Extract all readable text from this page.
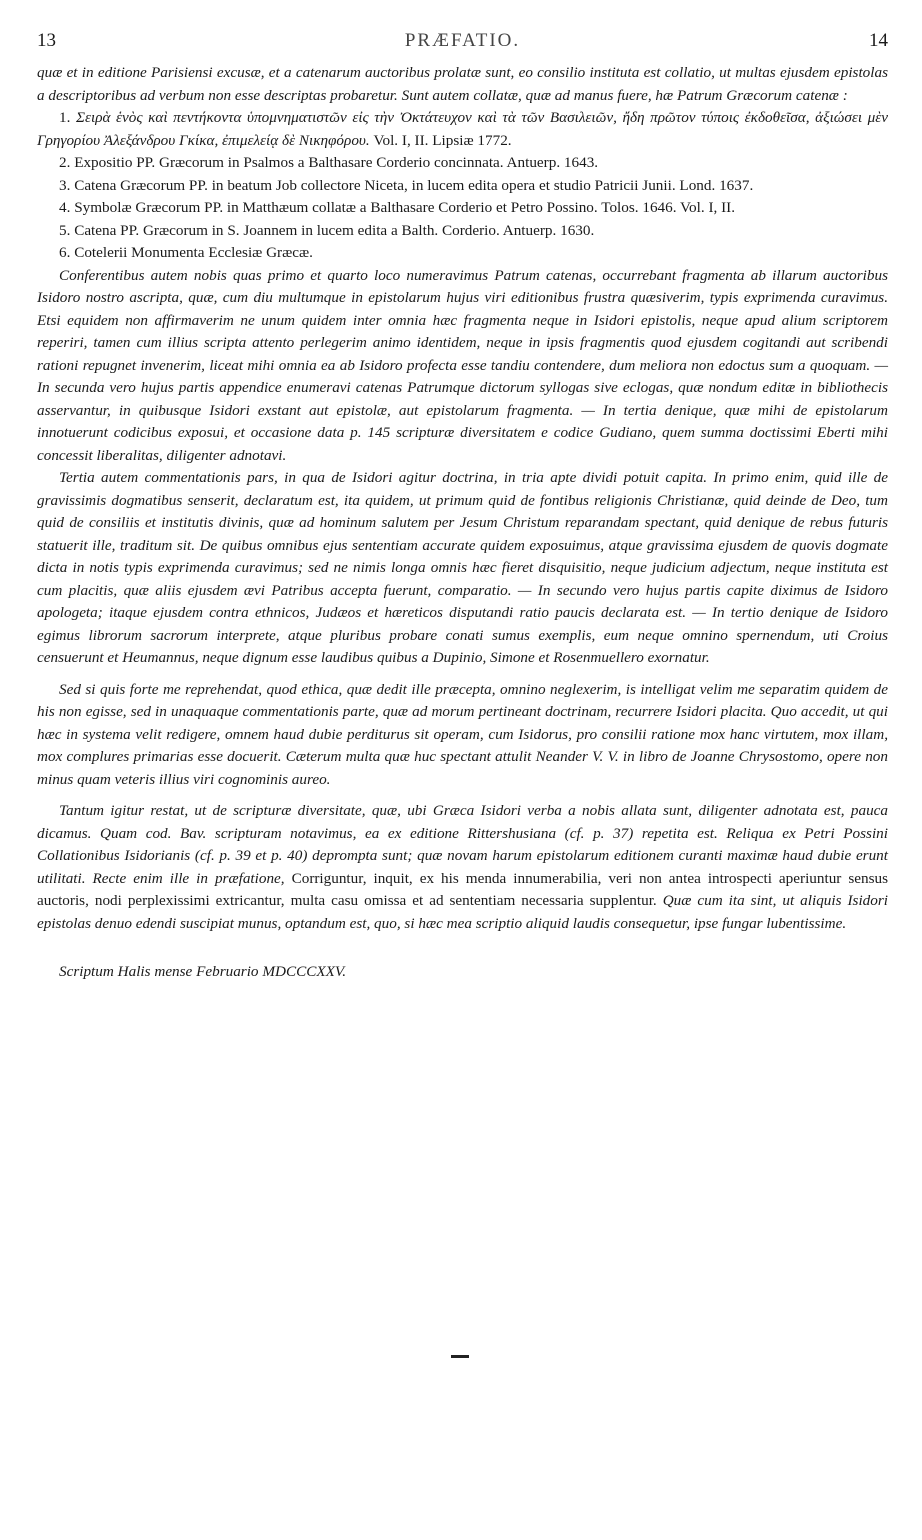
13	PRÆFATIO.	14

quæ et in editione Parisiensi excusæ, et a catenarum auctoribus prolatæ sunt, eo consilio instituta est collatio, ut multas ejusdem epistolas a descriptoribus ad verbum non esse descriptas probaretur. Sunt autem collatæ, quæ ad manus fuere, hæ Patrum Græcorum catenæ :

1. Σειρὰ ἑνὸς καὶ πεντήκοντα ὑπομνηματιστῶν εἰς τὴν Ὀκτάτευχον καὶ τὰ τῶν Βασιλειῶν, ἤδη πρῶτον τύποις ἐκδοθεῖσα, ἀξιώσει μὲν Γρηγορίου Ἀλεξάνδρου Γκίκα, ἐπιμελείᾳ δὲ Νικηφόρου. Vol. I, II. Lipsiæ 1772.

2. Expositio PP. Græcorum in Psalmos a Balthasare Corderio concinnata. Antuerp. 1643.

3. Catena Græcorum PP. in beatum Job collectore Niceta, in lucem edita opera et studio Patricii Junii. Lond. 1637.

4. Symbolæ Græcorum PP. in Matthæum collatæ a Balthasare Corderio et Petro Possino. Tolos. 1646. Vol. I, II.

5. Catena PP. Græcorum in S. Joannem in lucem edita a Balth. Corderio. Antuerp. 1630.

6. Cotelerii Monumenta Ecclesiæ Græcæ.

Conferentibus autem nobis quas primo et quarto loco numeravimus Patrum catenas, occurrebant fragmenta ab illarum auctoribus Isidoro nostro ascripta, quæ, cum diu multumque in epistolarum hujus viri editionibus frustra quæsiverim, typis exprimenda curavimus. Etsi equidem non affirmaverim ne unum quidem inter omnia hæc fragmenta neque in Isidori epistolis, neque apud alium scriptorem reperiri, tamen cum illius scripta attento perlegerim animo identidem, neque in ipsis fragmentis quod ejusdem cogitandi aut scribendi rationi repugnet invenerim, liceat mihi omnia ea ab Isidoro profecta esse tandiu contendere, dum meliora non edoctus sum a quoquam. — In secunda vero hujus partis appendice enumeravi catenas Patrumque dictorum syllogas sive eclogas, quæ nondum editæ in bibliothecis asservantur, in quibusque Isidori exstant aut epistolæ, aut epistolarum fragmenta. — In tertia denique, quæ mihi de epistolarum innotuerunt codicibus exposui, et occasione data p. 145 scripturæ diversitatem e codice Gudiano, quem summa doctissimi Eberti mihi concessit liberalitas, diligenter adnotavi.

Tertia autem commentationis pars, in qua de Isidori agitur doctrina, in tria apte dividi potuit capita. In primo enim, quid ille de gravissimis dogmatibus senserit, declaratum est, ita quidem, ut primum quid de fontibus religionis Christianæ, quid deinde de Deo, tum quid de consiliis et institutis divinis, quæ ad hominum salutem per Jesum Christum reparandam spectant, quid denique de rebus futuris statuerit ille, traditum sit. De quibus omnibus ejus sententiam accurate quidem exposuimus, atque gravissima ejusdem de quovis dogmate dicta in notis typis exprimenda curavimus; sed ne nimis longa omnis hæc fieret disquisitio, neque judicium adjectum, neque instituta est cum placitis, quæ aliis ejusdem ævi Patribus accepta fuerunt, comparatio. — In secundo vero hujus partis capite diximus de Isidoro apologeta; itaque ejusdem contra ethnicos, Judæos et hæreticos disputandi ratio paucis declarata est. — In tertio denique de Isidoro egimus librorum sacrorum interprete, atque pluribus probare conati sumus exemplis, eum neque omnino spernendum, uti Croius censuerunt et Heumannus, neque dignum esse laudibus quibus a Dupinio, Simone et Rosenmuellero exornatur.

Sed si quis forte me reprehendat, quod ethica, quæ dedit ille præcepta, omnino neglexerim, is intelligat velim me separatim quidem de his non egisse, sed in unaquaque commentationis parte, quæ ad morum pertineant doctrinam, recurrere Isidori placita. Quo accedit, ut qui hæc in systema velit redigere, omnem haud dubie perditurus sit operam, cum Isidorus, pro consilii ratione mox hanc virtutem, mox illam, mox complures primarias esse docuerit. Cæterum multa quæ huc spectant attulit Neander V. V. in libro de Joanne Chrysostomo, opere non minus quam veteris illius viri cognominis aureo.

Tantum igitur restat, ut de scripturæ diversitate, quæ, ubi Græca Isidori verba a nobis allata sunt, diligenter adnotata est, pauca dicamus. Quam cod. Bav. scripturam notavimus, ea ex editione Rittershusiana (cf. p. 37) repetita est. Reliqua ex Petri Possini Collationibus Isidorianis (cf. p. 39 et p. 40) deprompta sunt; quæ novam harum epistolarum editionem curanti maximæ haud dubie erunt utilitati. Recte enim ille in præfatione, Corriguntur, inquit, ex his menda innumerabilia, veri non antea introspecti aperiuntur sensus auctoris, nodi perplexissimi extricantur, multa casu omissa et ad sententiam necessaria supplentur. Quæ cum ita sint, ut aliquis Isidori epistolas denuo edendi suscipiat munus, optandum est, quo, si hæc mea scriptio aliquid laudis consequetur, ipse fungar lubentissime.

Scriptum Halis mense Februario MDCCCXXV.
